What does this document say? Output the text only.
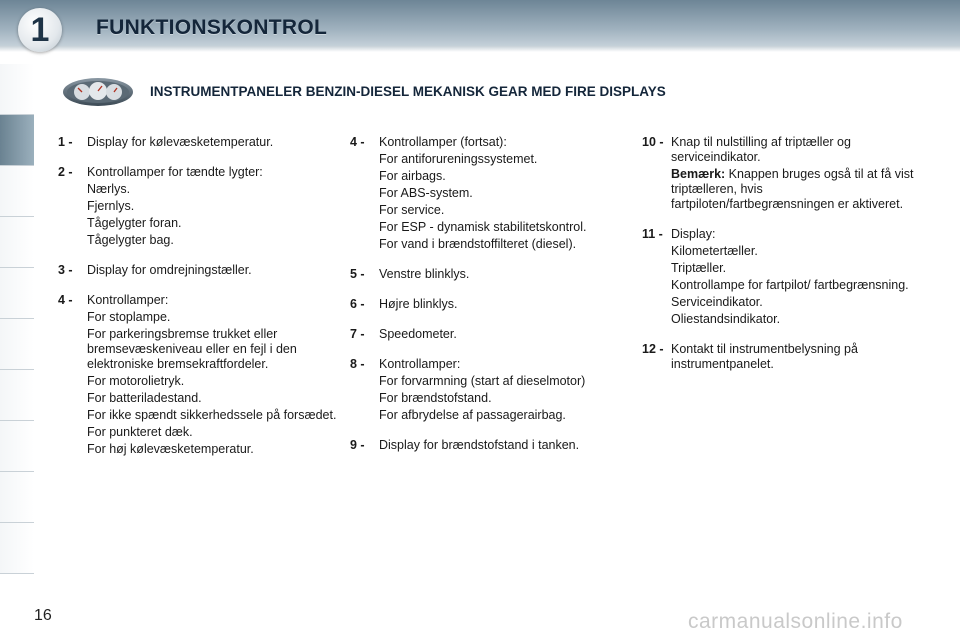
1	FUNKTIONSKONTROL
INSTRUMENTPANELER BENZIN-DIESEL MEKANISK GEAR MED FIRE DISPLAYS
1 -	Display for kølevæsketemperatur.
2 -	Kontrollamper for tændte lygter:
Nærlys.
Fjernlys.
Tågelygter foran.
Tågelygter bag.
3 -	Display for omdrejningstæller.
4 -	Kontrollamper:
For stoplampe.
For parkeringsbremse trukket eller bremsevæskeniveau eller en fejl i den elektroniske bremsekraftfordeler.
For motorolietryk.
For batteriladestand.
For ikke spændt sikkerhedssele på forsædet.
For punkteret dæk.
For høj kølevæsketemperatur.
4 -	Kontrollamper (fortsat):
For antiforureningssystemet.
For airbags.
For ABS-system.
For service.
For ESP - dynamisk stabilitetskontrol.
For vand i brændstoffilteret (diesel).
5 -	Venstre blinklys.
6 -	Højre blinklys.
7 -	Speedometer.
8 -	Kontrollamper:
For forvarmning (start af dieselmotor)
For brændstofstand.
For afbrydelse af passagerairbag.
9 -	Display for brændstofstand i tanken.
10 - Knap til nulstilling af triptæller og serviceindikator.
Bemærk: Knappen bruges også til at få vist triptælleren, hvis fartpiloten/fartbegrænsningen er aktiveret.
11 - Display:
Kilometertæller.
Triptæller.
Kontrollampe for fartpilot/ fartbegrænsning.
Serviceindikator.
Oliestandsindikator.
12 - Kontakt til instrumentbelysning på instrumentpanelet.
16	carmanualsonline.info
